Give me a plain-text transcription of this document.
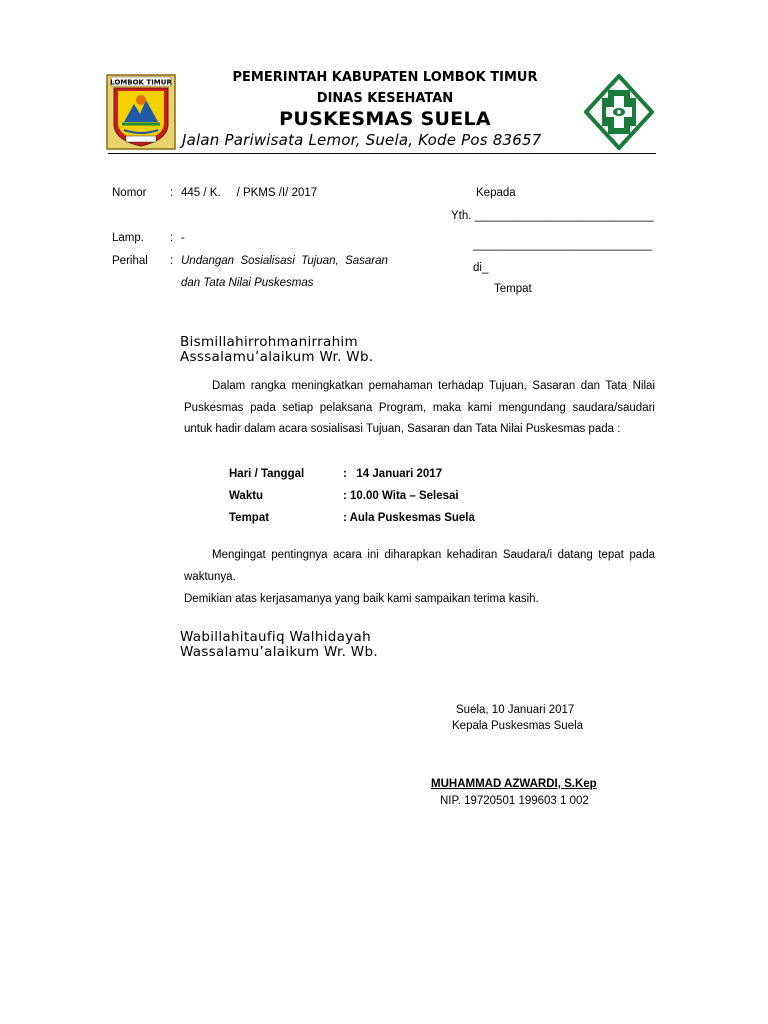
LOMBOK TIMUR	PEMERINTAH KABUPATEN LOMBOK TIMUR
DINAS KESEHATAN
PUSKESMAS SUELA
Jalan Pariwisata Lemor, Suela, Kode Pos 83657
Nomor : 445 / K.     / PKMS /I/ 2017
Lamp. : -
Perihal : Undangan  Sosialisasi  Tujuan,  Sasaran
dan Tata Nilai Puskesmas
Kepada
Yth. ____________________________
____________________________
di_
Tempat
Bismillahirrohmanirrahim
Asssalamu’alaikum Wr. Wb.
Dalam rangka meningkatkan pemahaman terhadap Tujuan, Sasaran dan Tata Nilai Puskesmas pada setiap pelaksana Program, maka kami mengundang saudara/saudari untuk hadir dalam acara sosialisasi Tujuan, Sasaran dan Tata Nilai Puskesmas pada :
Hari / Tanggal	:   14 Januari 2017
Waktu	: 10.00 Wita – Selesai
Tempat	: Aula Puskesmas Suela
Mengingat pentingnya acara ini diharapkan kehadiran Saudara/i datang tepat pada waktunya.
Demikian atas kerjasamanya yang baik kami sampaikan terima kasih.
Wabillahitaufiq Walhidayah
Wassalamu’alaikum Wr. Wb.
Suela, 10 Januari 2017
Kepala Puskesmas Suela
MUHAMMAD AZWARDI, S.Kep
NIP. 19720501 199603 1 002
